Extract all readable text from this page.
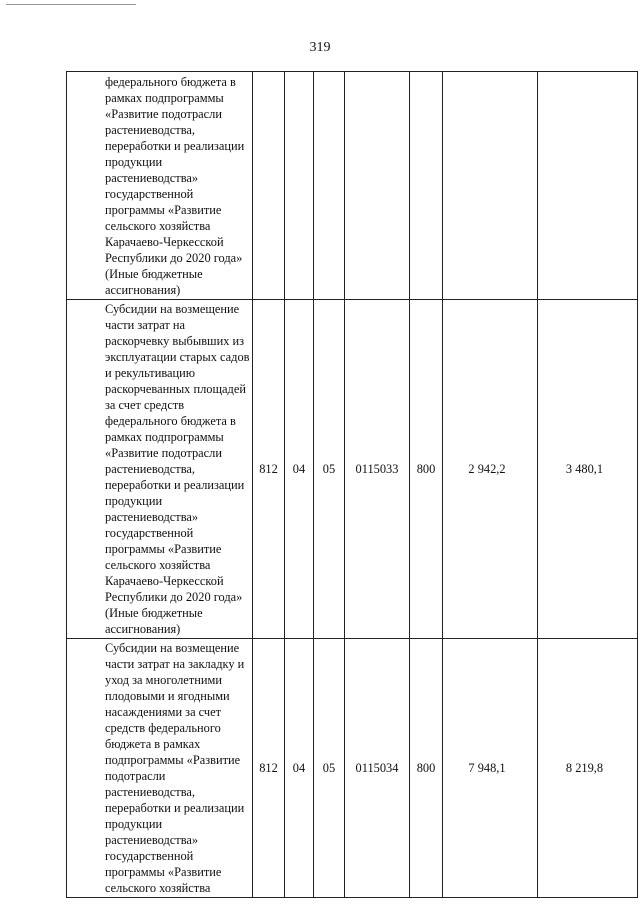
319
федерального бюджета в рамках подпрограммы «Развитие подотрасли растениеводства, переработки и реализации продукции растениеводства» государственной программы «Развитие сельского хозяйства Карачаево-Черкесской Республики до 2020 года» (Иные бюджетные ассигнования)							
Субсидии на возмещение части затрат на раскорчевку выбывших из эксплуатации старых садов и рекультивацию раскорчеванных площадей за счет средств федерального бюджета в рамках подпрограммы «Развитие подотрасли растениеводства, переработки и реализации продукции растениеводства» государственной программы «Развитие сельского хозяйства Карачаево-Черкесской Республики до 2020 года» (Иные бюджетные ассигнования)	812	04	05	0115033	800	2 942,2	3 480,1
Субсидии на возмещение части затрат на закладку и уход за многолетними плодовыми и ягодными насаждениями за счет средств федерального бюджета в рамках подпрограммы «Развитие подотрасли растениеводства, переработки и реализации продукции растениеводства» государственной программы «Развитие сельского хозяйства	812	04	05	0115034	800	7 948,1	8 219,8
